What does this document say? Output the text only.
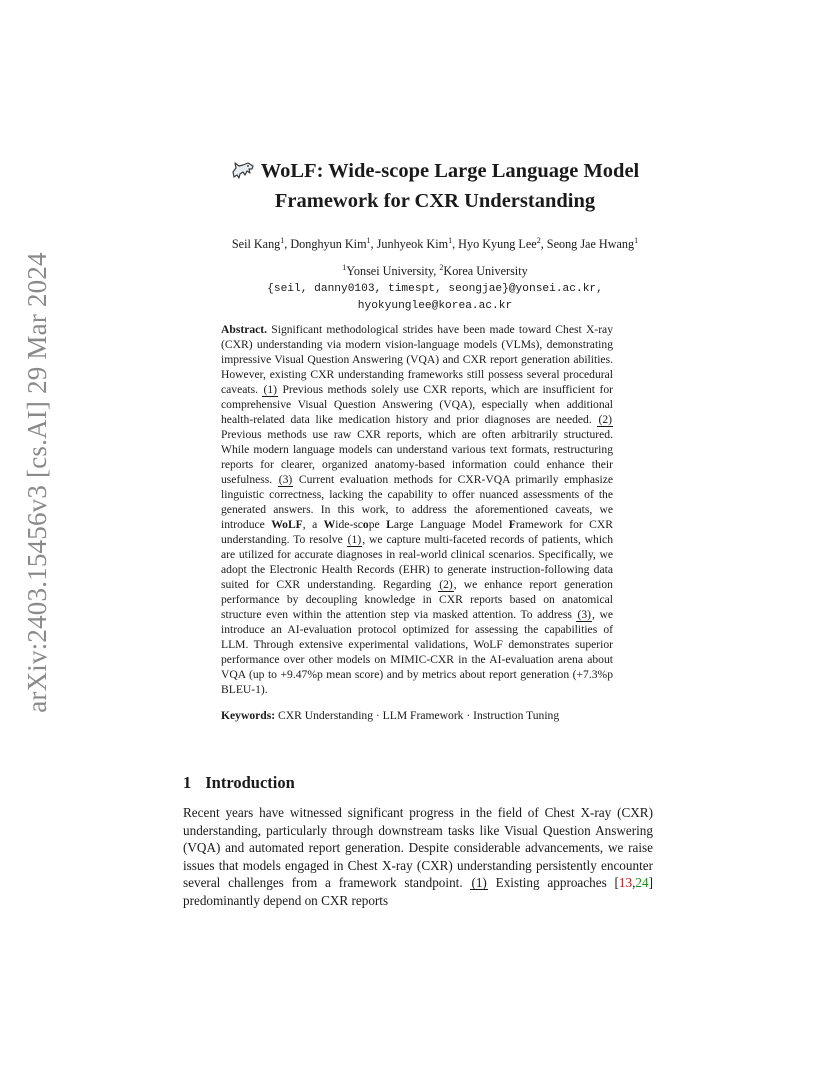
arXiv:2403.15456v3 [cs.AI] 29 Mar 2024
WoLF: Wide-scope Large Language Model
Framework for CXR Understanding
Seil Kang$^1$, Donghyun Kim$^1$, Junhyeok Kim$^1$, Hyo Kyung Lee$^2$, Seong Jae Hwang$^1$
$^1$Yonsei University, $^2$Korea University
{seil, danny0103, timespt, seongjae}@yonsei.ac.kr,
hyokyunglee@korea.ac.kr
Abstract. Significant methodological strides have been made toward Chest X-ray (CXR) understanding via modern vision-language models (VLMs), demonstrating impressive Visual Question Answering (VQA) and CXR report generation abilities. However, existing CXR understanding frameworks still possess several procedural caveats. (1) Previous methods solely use CXR reports, which are insufficient for comprehensive Visual Question Answering (VQA), especially when additional health-related data like medication history and prior diagnoses are needed. (2) Previous methods use raw CXR reports, which are often arbitrarily structured. While modern language models can understand various text formats, restructuring reports for clearer, organized anatomy-based information could enhance their usefulness. (3) Current evaluation methods for CXR-VQA primarily emphasize linguistic correctness, lacking the capability to offer nuanced assessments of the generated answers. In this work, to address the aforementioned caveats, we introduce WoLF, a Wide-scope Large Language Model Framework for CXR understanding. To resolve (1), we capture multi-faceted records of patients, which are utilized for accurate diagnoses in real-world clinical scenarios. Specifically, we adopt the Electronic Health Records (EHR) to generate instruction-following data suited for CXR understanding. Regarding (2), we enhance report generation performance by decoupling knowledge in CXR reports based on anatomical structure even within the attention step via masked attention. To address (3), we introduce an AI-evaluation protocol optimized for assessing the capabilities of LLM. Through extensive experimental validations, WoLF demonstrates superior performance over other models on MIMIC-CXR in the AI-evaluation arena about VQA (up to +9.47%p mean score) and by metrics about report generation (+7.3%p BLEU-1).
Keywords: CXR Understanding · LLM Framework · Instruction Tuning
1 Introduction
Recent years have witnessed significant progress in the field of Chest X-ray (CXR) understanding, particularly through downstream tasks like Visual Question Answering (VQA) and automated report generation. Despite considerable advancements, we raise issues that models engaged in Chest X-ray (CXR) understanding persistently encounter several challenges from a framework standpoint. (1) Existing approaches [13,24] predominantly depend on CXR reports
